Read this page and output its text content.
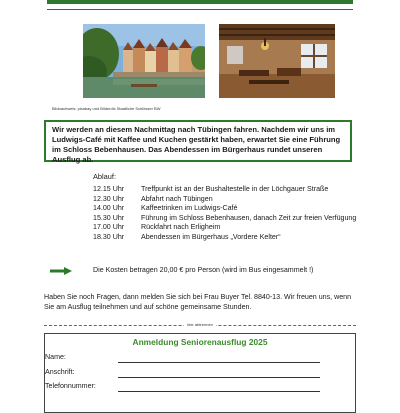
Bildnachweis: pixabay und Bilderdix Staatliche Schlösser BW
Wir werden an diesem Nachmittag nach Tübingen fahren. Nachdem wir uns im Ludwigs-Café mit Kaffee und Kuchen gestärkt haben, erwartet Sie eine Führung im Schloss Bebenhausen. Das Abendessen im Bürgerhaus rundet unseren Ausflug ab.
Ablauf:
12.15 Uhr	Treffpunkt ist an der Bushaltestelle in der Löchgauer Straße
12.30 Uhr	Abfahrt nach Tübingen
14.00 Uhr	Kaffeetrinken im Ludwigs-Café
15.30 Uhr	Führung im Schloss Bebenhausen, danach Zeit zur freien Verfügung
17.00 Uhr	Rückfahrt nach Erligheim
18.30 Uhr	Abendessen im Bürgerhaus „Vordere Kelter“
Die Kosten betragen 20,00 € pro Person (wird im Bus eingesammelt !)
Haben Sie noch Fragen, dann melden Sie sich bei Frau Buyer Tel. 8840-13. Wir freuen uns, wenn Sie am Ausflug teilnehmen und auf schöne gemeinsame Stunden.
hier abtrennen
Anmeldung Seniorenausflug 2025
Name:
Anschrift:
Telefonnummer:
